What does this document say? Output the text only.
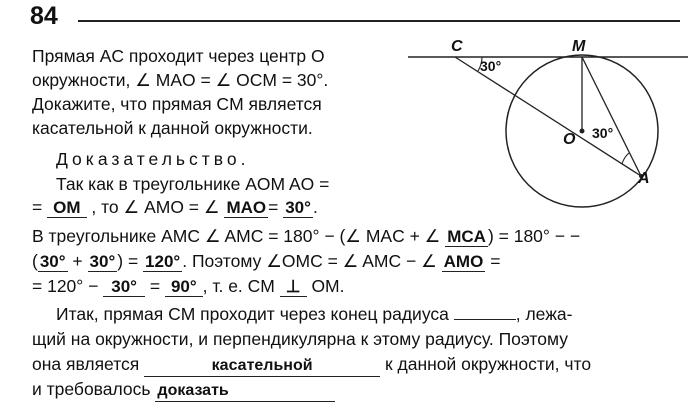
84
C	M
30°
O 30°
A
Прямая AC проходит через центр O
окружности, ∠ MAO = ∠ OCM = 30°.
Докажите, что прямая CM является
касательной к данной окружности.
Доказательство.
Так как в треугольнике AOM AO =
= OM , то ∠ AMO = ∠ MAO = 30° .
В треугольнике AMC ∠ AMC = 180° − (∠ MAC + ∠ MCA ) = 180° − −
( 30° + 30° ) = 120° . Поэтому ∠OMC = ∠ AMC − ∠ AMO =
= 120° − 30° = 90° , т. е. CM ⊥ OM.
Итак, прямая CM проходит через конец радиуса	, лежа-
щий на окружности, и перпендикулярна к этому радиусу. Поэтому
она является	касательной	к данной окружности, что
и требовалось доказать
